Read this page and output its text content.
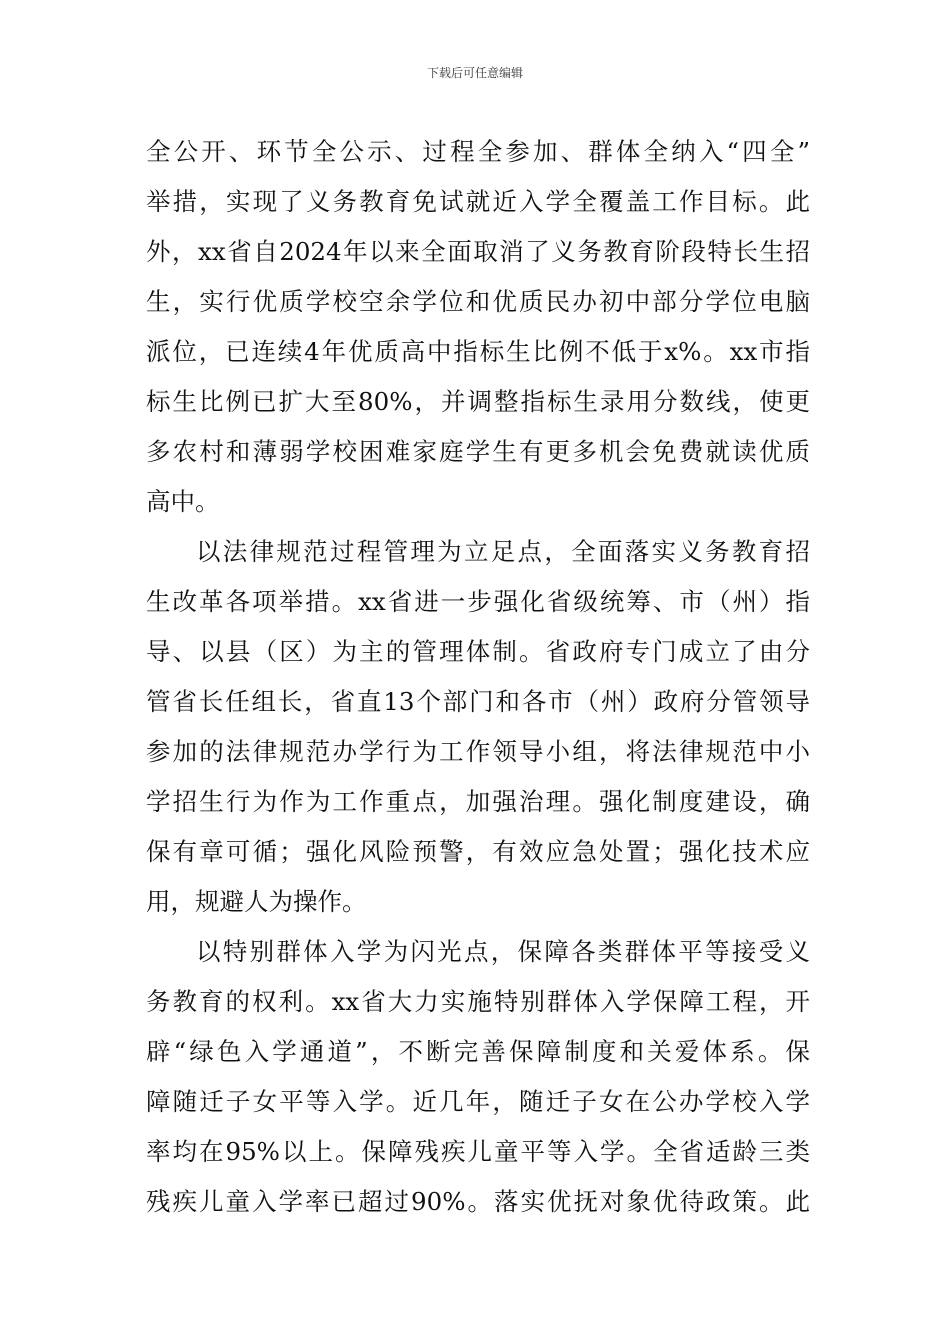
下载后可任意编辑
全公开、环节全公示、过程全参加、群体全纳入“四全”
举措，实现了义务教育免试就近入学全覆盖工作目标。此
外，xx省自2024年以来全面取消了义务教育阶段特长生招
生，实行优质学校空余学位和优质民办初中部分学位电脑
派位，已连续4年优质高中指标生比例不低于x%。xx市指
标生比例已扩大至80%，并调整指标生录用分数线，使更
多农村和薄弱学校困难家庭学生有更多机会免费就读优质
高中。
以法律规范过程管理为立足点，全面落实义务教育招
生改革各项举措。xx省进一步强化省级统筹、市（州）指
导、以县（区）为主的管理体制。省政府专门成立了由分
管省长任组长，省直13个部门和各市（州）政府分管领导
参加的法律规范办学行为工作领导小组，将法律规范中小
学招生行为作为工作重点，加强治理。强化制度建设，确
保有章可循；强化风险预警，有效应急处置；强化技术应
用，规避人为操作。
以特别群体入学为闪光点，保障各类群体平等接受义
务教育的权利。xx省大力实施特别群体入学保障工程，开
辟“绿色入学通道”，不断完善保障制度和关爱体系。保
障随迁子女平等入学。近几年，随迁子女在公办学校入学
率均在95%以上。保障残疾儿童平等入学。全省适龄三类
残疾儿童入学率已超过90%。落实优抚对象优待政策。此
